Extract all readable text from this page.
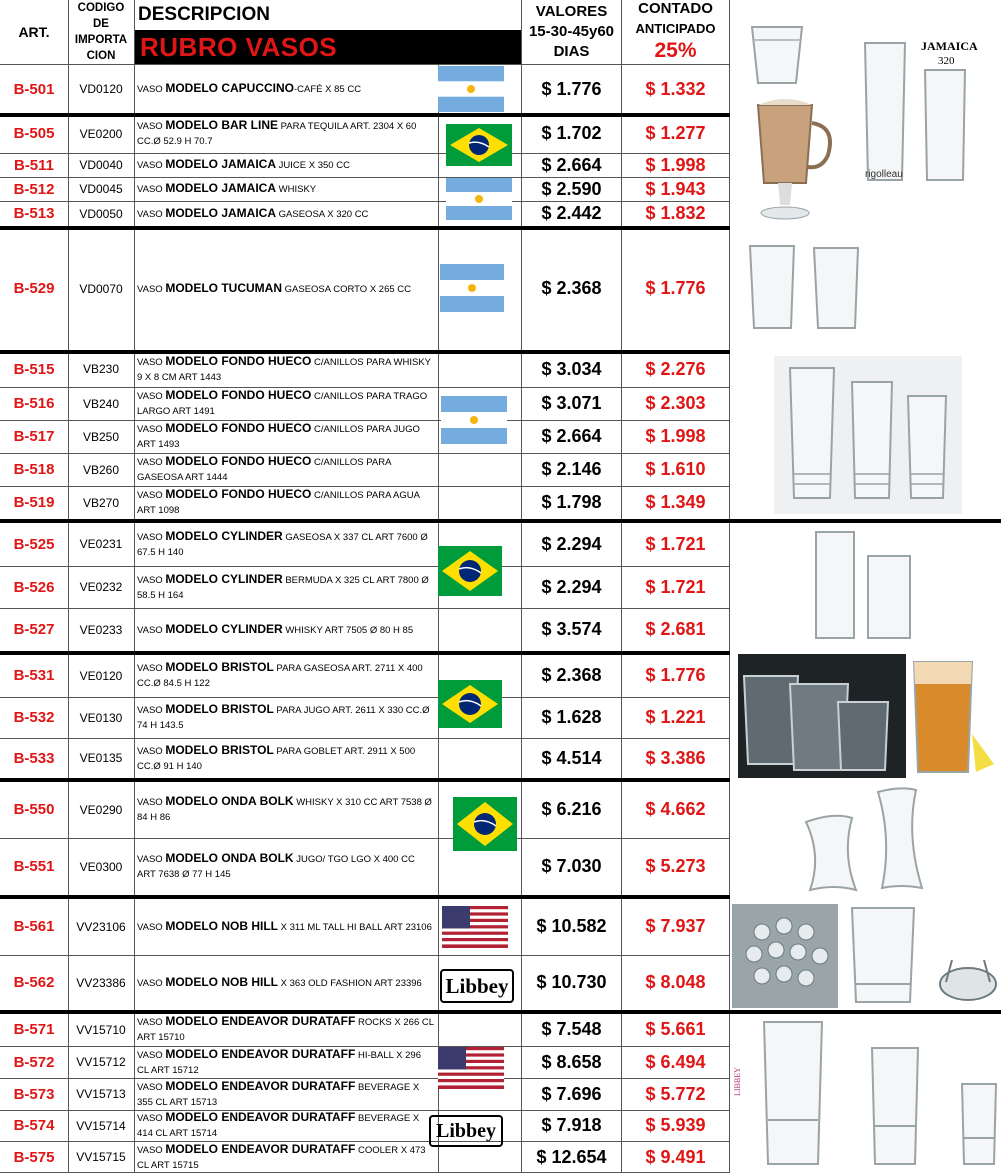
ART.
CODIGO
DE
IMPORTA
CION
DESCRIPCION
RUBRO VASOS
VALORES
15-30-45y60
DIAS
CONTADO
ANTICIPADO
25%
B-501	VD0120	VASO MODELO CAPUCCINO-CAFÉ X 85 CC	$ 1.776	$ 1.332
B-505	VE0200	VASO MODELO BAR LINE PARA TEQUILA ART. 2304 X 60 CC.Ø 52.9 H 70.7	$ 1.702	$ 1.277
B-511	VD0040	VASO MODELO JAMAICA JUICE X 350 CC	$ 2.664	$ 1.998
B-512	VD0045	VASO MODELO JAMAICA WHISKY	$ 2.590	$ 1.943
B-513	VD0050	VASO MODELO JAMAICA GASEOSA X 320 CC	$ 2.442	$ 1.832
B-529	VD0070	VASO MODELO TUCUMAN GASEOSA CORTO X 265 CC	$ 2.368	$ 1.776
B-515	VB230	VASO MODELO FONDO HUECO C/ANILLOS PARA WHISKY 9 X 8 CM ART 1443	$ 3.034	$ 2.276
B-516	VB240	VASO MODELO FONDO HUECO C/ANILLOS PARA TRAGO LARGO ART 1491	$ 3.071	$ 2.303
B-517	VB250	VASO MODELO FONDO HUECO C/ANILLOS PARA JUGO ART 1493	$ 2.664	$ 1.998
B-518	VB260	VASO MODELO FONDO HUECO C/ANILLOS PARA GASEOSA ART 1444	$ 2.146	$ 1.610
B-519	VB270	VASO MODELO FONDO HUECO C/ANILLOS PARA AGUA ART 1098	$ 1.798	$ 1.349
B-525	VE0231	VASO MODELO CYLINDER GASEOSA X 337 CL ART 7600 Ø 67.5 H 140	$ 2.294	$ 1.721
B-526	VE0232	VASO MODELO CYLINDER BERMUDA X 325 CL ART 7800 Ø 58.5 H 164	$ 2.294	$ 1.721
B-527	VE0233	VASO MODELO CYLINDER WHISKY ART 7505 Ø 80 H 85	$ 3.574	$ 2.681
B-531	VE0120	VASO MODELO BRISTOL PARA GASEOSA ART. 2711 X 400 CC.Ø 84.5 H 122	$ 2.368	$ 1.776
B-532	VE0130	VASO MODELO BRISTOL PARA JUGO ART. 2611 X 330 CC.Ø 74 H 143.5	$ 1.628	$ 1.221
B-533	VE0135	VASO MODELO BRISTOL PARA GOBLET ART. 2911 X 500 CC.Ø 91 H 140	$ 4.514	$ 3.386
B-550	VE0290	VASO MODELO ONDA BOLK WHISKY X 310 CC ART 7538 Ø 84 H 86	$ 6.216	$ 4.662
B-551	VE0300	VASO MODELO ONDA BOLK JUGO/ TGO LGO X 400 CC ART 7638 Ø 77 H 145	$ 7.030	$ 5.273
B-561	VV23106	VASO MODELO NOB HILL X 311 ML TALL HI BALL ART 23106	$ 10.582	$ 7.937
B-562	VV23386	VASO MODELO NOB HILL X 363 OLD FASHION ART 23396	$ 10.730	$ 8.048
B-571	VV15710	VASO MODELO ENDEAVOR DURATAFF ROCKS X 266 CL ART 15710	$ 7.548	$ 5.661
B-572	VV15712	VASO MODELO ENDEAVOR DURATAFF HI-BALL X 296 CL ART 15712	$ 8.658	$ 6.494
B-573	VV15713	VASO MODELO ENDEAVOR DURATAFF BEVERAGE X 355 CL ART 15713	$ 7.696	$ 5.772
B-574	VV15714	VASO MODELO ENDEAVOR DURATAFF BEVERAGE X 414 CL ART 15714	$ 7.918	$ 5.939
B-575	VV15715	VASO MODELO ENDEAVOR DURATAFF COOLER X 473 CL ART 15715	$ 12.654	$ 9.491
Libbey
Libbey
JAMAICA
320
rigolleau
LIBBEY
